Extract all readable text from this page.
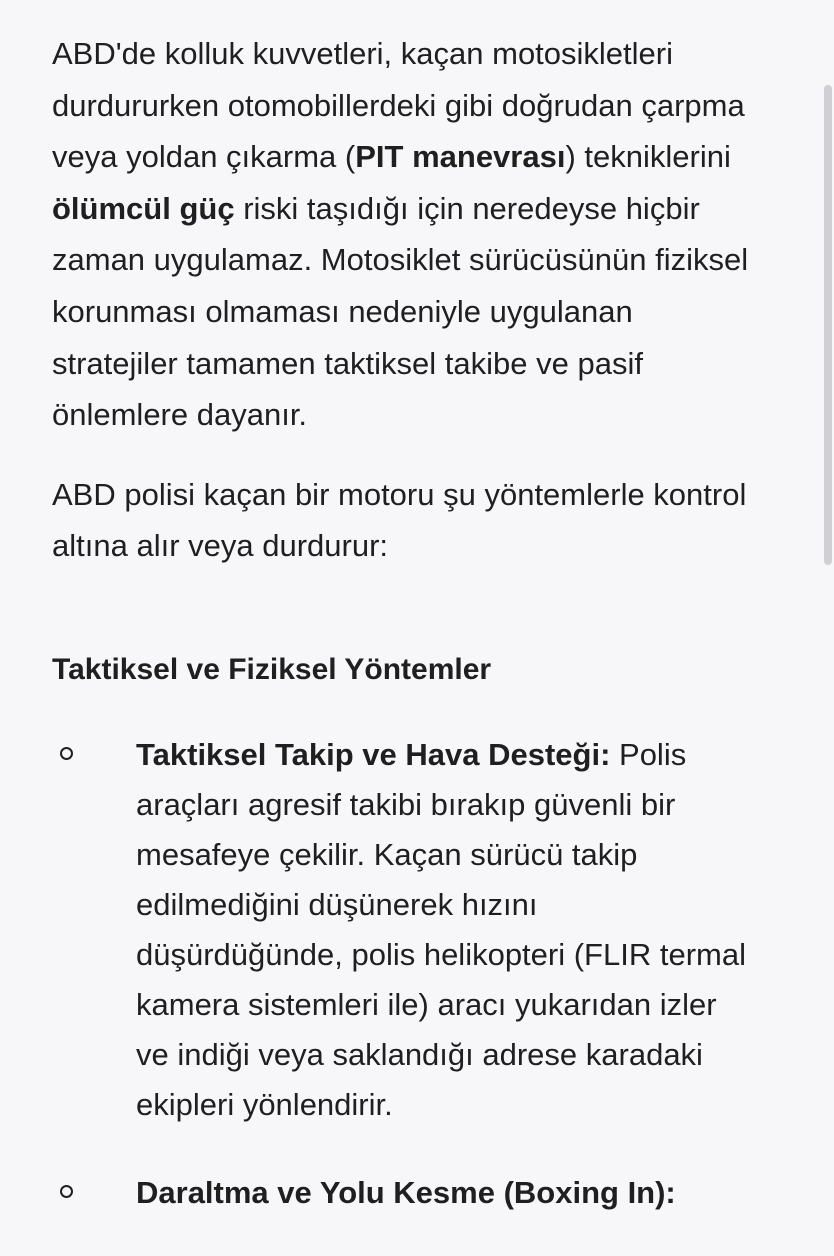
ABD'de kolluk kuvvetleri, kaçan motosikletleri durdururken otomobillerdeki gibi doğrudan çarpma veya yoldan çıkarma (PIT manevrası) tekniklerini ölümcül güç riski taşıdığı için neredeyse hiçbir zaman uygulamaz. Motosiklet sürücüsünün fiziksel korunması olmaması nedeniyle uygulanan stratejiler tamamen taktiksel takibe ve pasif önlemlere dayanır.

ABD polisi kaçan bir motoru şu yöntemlerle kontrol altına alır veya durdurur:

Taktiksel ve Fiziksel Yöntemler
Taktiksel Takip ve Hava Desteği: Polis araçları agresif takibi bırakıp güvenli bir mesafeye çekilir. Kaçan sürücü takip edilmediğini düşünerek hızını düşürdüğünde, polis helikopteri (FLIR termal kamera sistemleri ile) aracı yukarıdan izler ve indiği veya saklandığı adrese karadaki ekipleri yönlendirir.
Daraltma ve Yolu Kesme (Boxing In):
